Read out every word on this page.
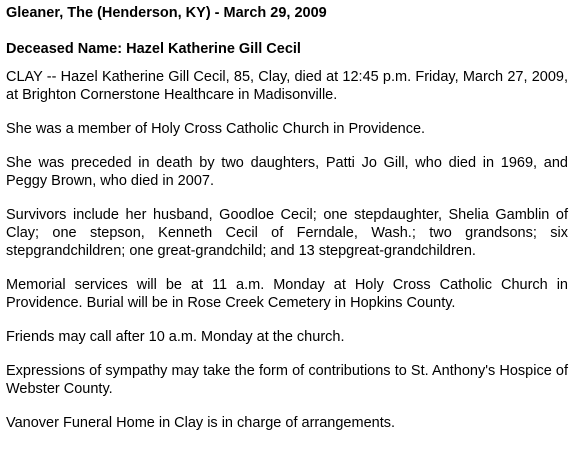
Gleaner, The (Henderson, KY) - March 29, 2009
Deceased Name: Hazel Katherine Gill Cecil
CLAY -- Hazel Katherine Gill Cecil, 85, Clay, died at 12:45 p.m. Friday, March 27, 2009, at Brighton Cornerstone Healthcare in Madisonville.
She was a member of Holy Cross Catholic Church in Providence.
She was preceded in death by two daughters, Patti Jo Gill, who died in 1969, and Peggy Brown, who died in 2007.
Survivors include her husband, Goodloe Cecil; one stepdaughter, Shelia Gamblin of Clay; one stepson, Kenneth Cecil of Ferndale, Wash.; two grandsons; six stepgrandchildren; one great-grandchild; and 13 stepgreat-grandchildren.
Memorial services will be at 11 a.m. Monday at Holy Cross Catholic Church in Providence. Burial will be in Rose Creek Cemetery in Hopkins County.
Friends may call after 10 a.m. Monday at the church.
Expressions of sympathy may take the form of contributions to St. Anthony's Hospice of Webster County.
Vanover Funeral Home in Clay is in charge of arrangements.
